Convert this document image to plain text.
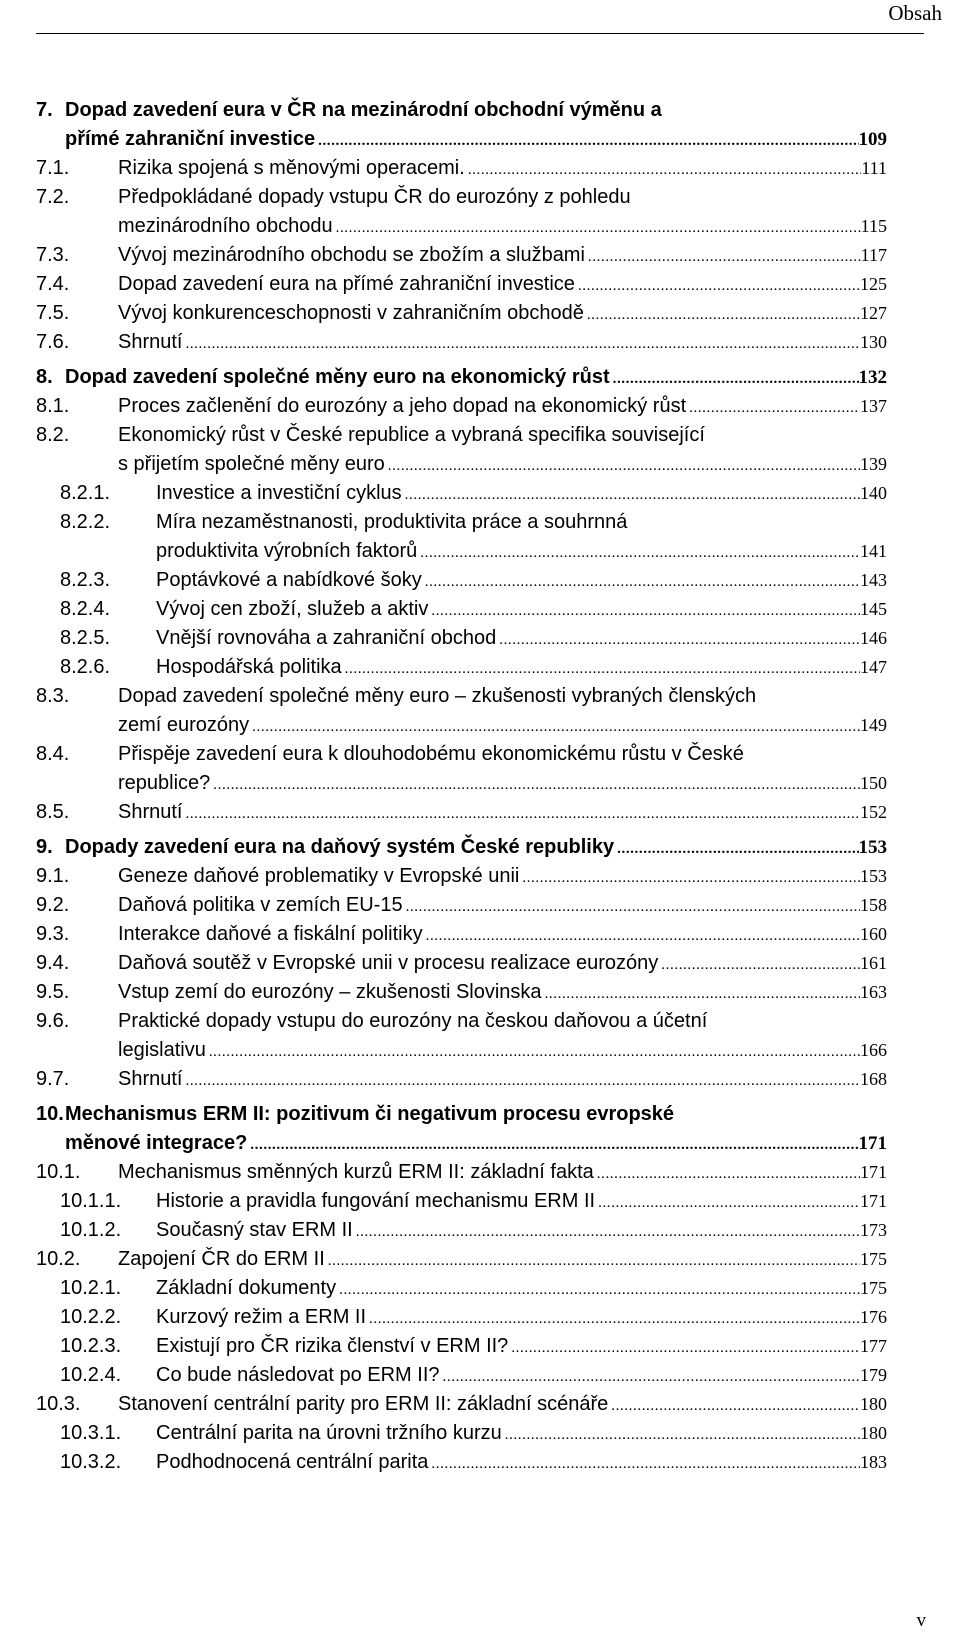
Obsah
7. Dopad zavedení eura v ČR na mezinárodní obchodní výměnu a
přímé zahraniční investice .....	109
7.1. Rizika spojená s měnovými operacemi. .....	111
7.2. Předpokládané dopady vstupu ČR do eurozóny z pohledu
mezinárodního obchodu .....	115
7.3. Vývoj mezinárodního obchodu se zbožím a službami .....	117
7.4. Dopad zavedení eura na přímé zahraniční investice .....	125
7.5. Vývoj konkurenceschopnosti v zahraničním obchodě .....	127
7.6. Shrnutí .....	130
8. Dopad zavedení společné měny euro na ekonomický růst .....	132
8.1. Proces začlenění do eurozóny a jeho dopad na ekonomický růst .....	137
8.2. Ekonomický růst v České republice a vybraná specifika související
s přijetím společné měny euro .....	139
8.2.1. Investice a investiční cyklus .....	140
8.2.2. Míra nezaměstnanosti, produktivita práce a souhrnná
produktivita výrobních faktorů .....	141
8.2.3. Poptávkové a nabídkové šoky .....	143
8.2.4. Vývoj cen zboží, služeb a aktiv .....	145
8.2.5. Vnější rovnováha a zahraniční obchod .....	146
8.2.6. Hospodářská politika .....	147
8.3. Dopad zavedení společné měny euro – zkušenosti vybraných členských
zemí eurozóny .....	149
8.4. Přispěje zavedení eura k dlouhodobému ekonomickému růstu v České
republice? .....	150
8.5. Shrnutí .....	152
9. Dopady zavedení eura na daňový systém České republiky .....	153
9.1. Geneze daňové problematiky v Evropské unii .....	153
9.2. Daňová politika v zemích EU-15 .....	158
9.3. Interakce daňové a fiskální politiky .....	160
9.4. Daňová soutěž v Evropské unii v procesu realizace eurozóny .....	161
9.5. Vstup zemí do eurozóny – zkušenosti Slovinska .....	163
9.6. Praktické dopady vstupu do eurozóny na českou daňovou a účetní
legislativu .....	166
9.7. Shrnutí .....	168
10. Mechanismus ERM II: pozitivum či negativum procesu evropské
měnové integrace? .....	171
10.1. Mechanismus směnných kurzů ERM II: základní fakta .....	171
10.1.1. Historie a pravidla fungování mechanismu ERM II .....	171
10.1.2. Současný stav ERM II .....	173
10.2. Zapojení ČR do ERM II .....	175
10.2.1. Základní dokumenty .....	175
10.2.2. Kurzový režim a ERM II .....	176
10.2.3. Existují pro ČR rizika členství v ERM II? .....	177
10.2.4. Co bude následovat po ERM II? .....	179
10.3. Stanovení centrální parity pro ERM II: základní scénáře .....	180
10.3.1. Centrální parita na úrovni tržního kurzu .....	180
10.3.2. Podhodnocená centrální parita .....	183
v
